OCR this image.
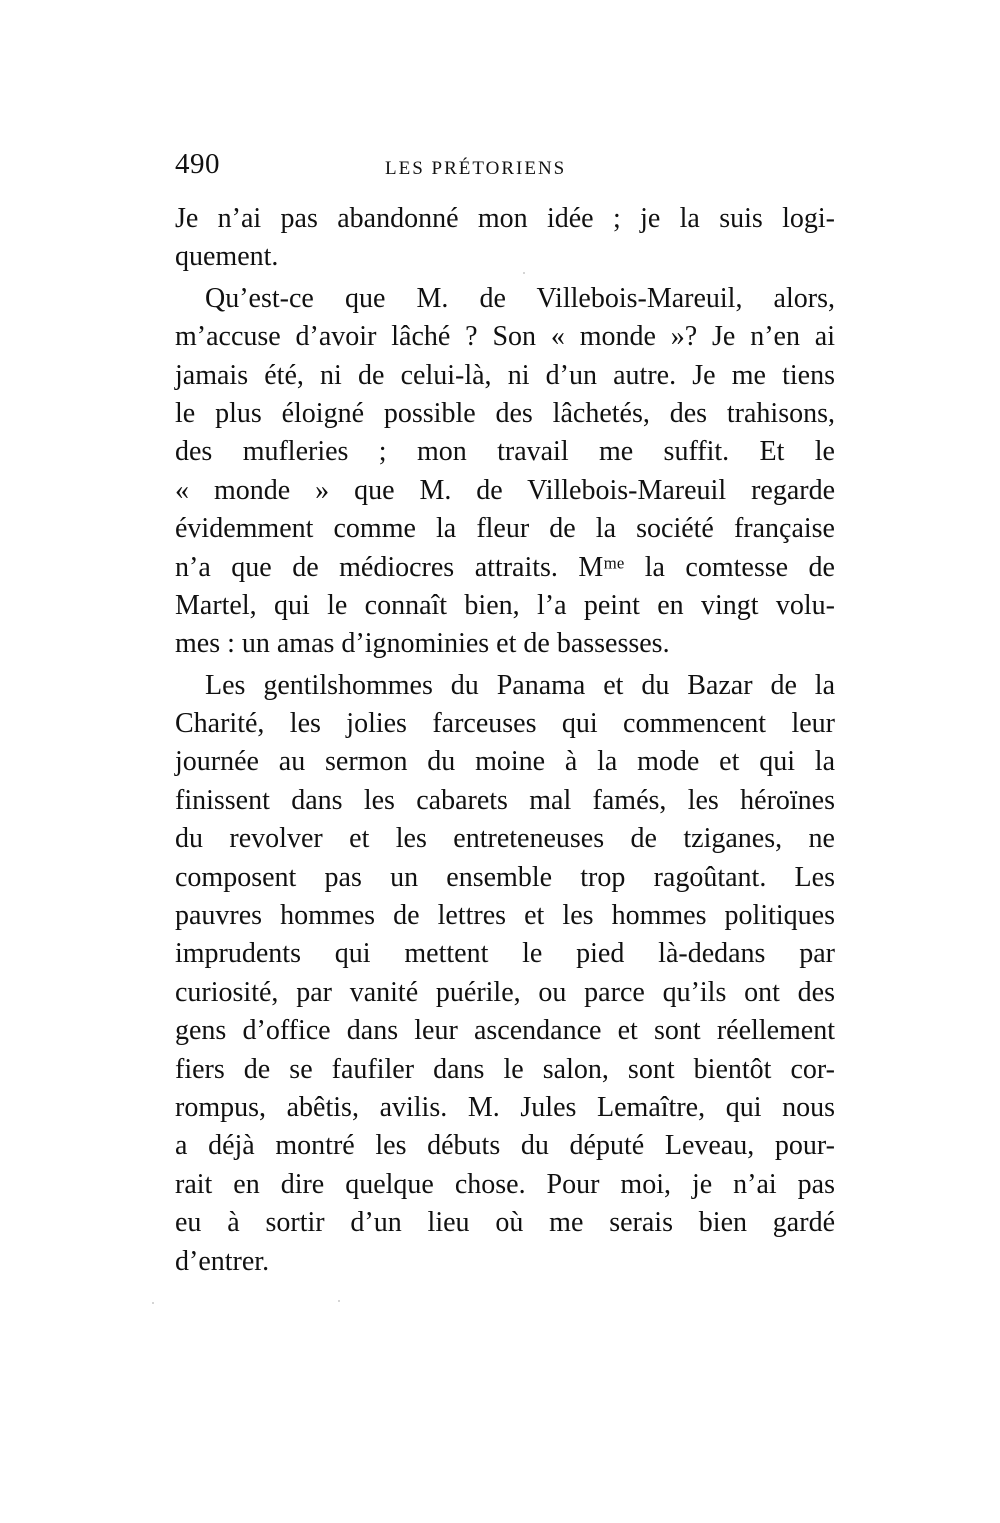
490	LES PRÉTORIENS
Je n’ai pas abandonné mon idée ; je la suis logi-
quement.
Qu’est-ce que M. de Villebois-Mareuil, alors,
m’accuse d’avoir lâché ? Son « monde »? Je n’en ai
jamais été, ni de celui-là, ni d’un autre. Je me tiens
le plus éloigné possible des lâchetés, des trahisons,
des mufleries ; mon travail me suffit. Et le
« monde » que M. de Villebois-Mareuil regarde
évidemment comme la fleur de la société française
n’a que de médiocres attraits. Mᵐᵉ la comtesse de
Martel, qui le connaît bien, l’a peint en vingt volu-
mes : un amas d’ignominies et de bassesses.
Les gentilshommes du Panama et du Bazar de la
Charité, les jolies farceuses qui commencent leur
journée au sermon du moine à la mode et qui la
finissent dans les cabarets mal famés, les héroïnes
du revolver et les entreteneuses de tziganes, ne
composent pas un ensemble trop ragoûtant. Les
pauvres hommes de lettres et les hommes politiques
imprudents qui mettent le pied là-dedans par
curiosité, par vanité puérile, ou parce qu’ils ont des
gens d’office dans leur ascendance et sont réellement
fiers de se faufiler dans le salon, sont bientôt cor-
rompus, abêtis, avilis. M. Jules Lemaître, qui nous
a déjà montré les débuts du député Leveau, pour-
rait en dire quelque chose. Pour moi, je n’ai pas
eu à sortir d’un lieu où me serais bien gardé
d’entrer.
